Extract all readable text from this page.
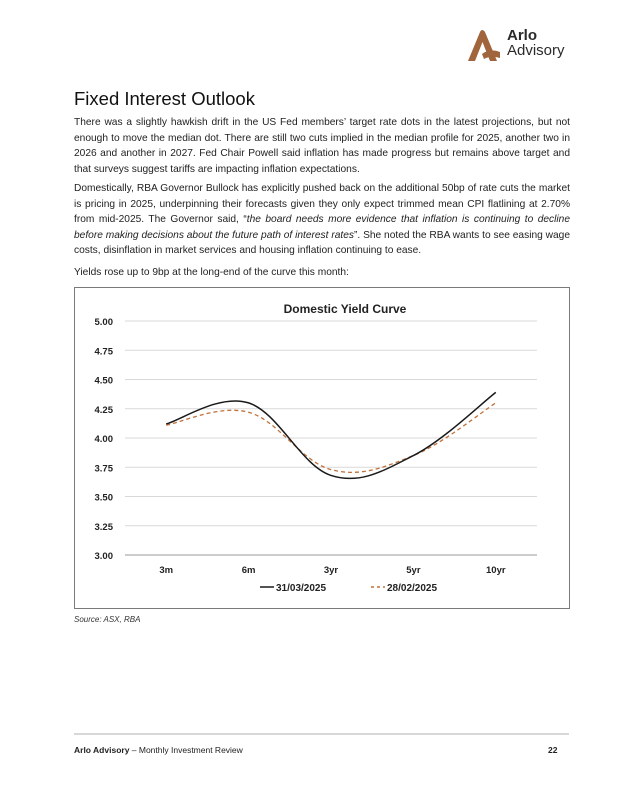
Arlo
Advisory
Fixed Interest Outlook

There was a slightly hawkish drift in the US Fed members’ target rate dots in the latest projections, but not enough to move the median dot. There are still two cuts implied in the median profile for 2025, another two in 2026 and another in 2027. Fed Chair Powell said inflation has made progress but remains above target and that surveys suggest tariffs are impacting inflation expectations.

Domestically, RBA Governor Bullock has explicitly pushed back on the additional 50bp of rate cuts the market is pricing in 2025, underpinning their forecasts given they only expect trimmed mean CPI flatlining at 2.70% from mid-2025. The Governor said, “the board needs more evidence that inflation is continuing to decline before making decisions about the future path of interest rates”. She noted the RBA wants to see easing wage costs, disinflation in market services and housing inflation continuing to ease.

Yields rose up to 9bp at the long-end of the curve this month:

Domestic Yield Curve
5.00
4.75
4.50
4.25
4.00
3.75
3.50
3.25
3.00
3m	6m	3yr	5yr	10yr
31/03/2025	28/02/2025
Source: ASX, RBA
Arlo Advisory – Monthly Investment Review	22
